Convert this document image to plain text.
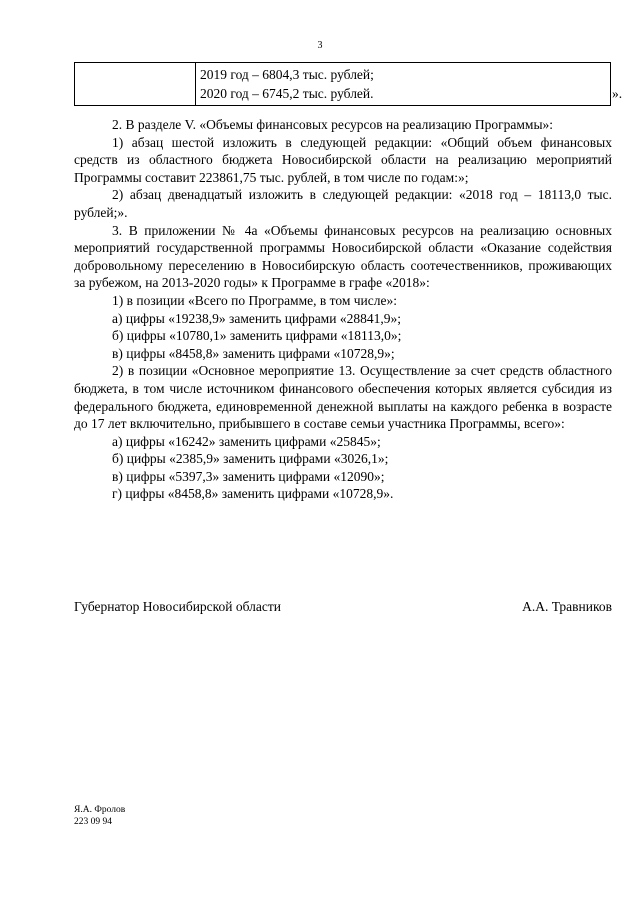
3

2019 год – 6804,3 тыс. рублей;
2020 год – 6745,2 тыс. рублей.	».

2. В разделе V. «Объемы финансовых ресурсов на реализацию Программы»:

1) абзац шестой изложить в следующей редакции: «Общий объем финансовых средств из областного бюджета Новосибирской области на реализацию мероприятий Программы составит 223861,75 тыс. рублей, в том числе по годам:»;

2) абзац двенадцатый изложить в следующей редакции: «2018 год – 18113,0 тыс. рублей;».

3. В приложении № 4а «Объемы финансовых ресурсов на реализацию основных мероприятий государственной программы Новосибирской области «Оказание содействия добровольному переселению в Новосибирскую область соотечественников, проживающих за рубежом, на 2013-2020 годы» к Программе в графе «2018»:

1) в позиции «Всего по Программе, в том числе»:

а) цифры «19238,9» заменить цифрами «28841,9»;

б) цифры «10780,1» заменить цифрами «18113,0»;

в) цифры «8458,8» заменить цифрами «10728,9»;

2) в позиции «Основное мероприятие 13. Осуществление за счет средств областного бюджета, в том числе источником финансового обеспечения которых является субсидия из федерального бюджета, единовременной денежной выплаты на каждого ребенка в возрасте до 17 лет включительно, прибывшего в составе семьи участника Программы, всего»:

а) цифры «16242» заменить цифрами «25845»;

б) цифры «2385,9» заменить цифрами «3026,1»;

в) цифры «5397,3» заменить цифрами «12090»;

г) цифры «8458,8» заменить цифрами «10728,9».

Губернатор Новосибирской области	А.А. Травников
Я.А. Фролов
223 09 94
